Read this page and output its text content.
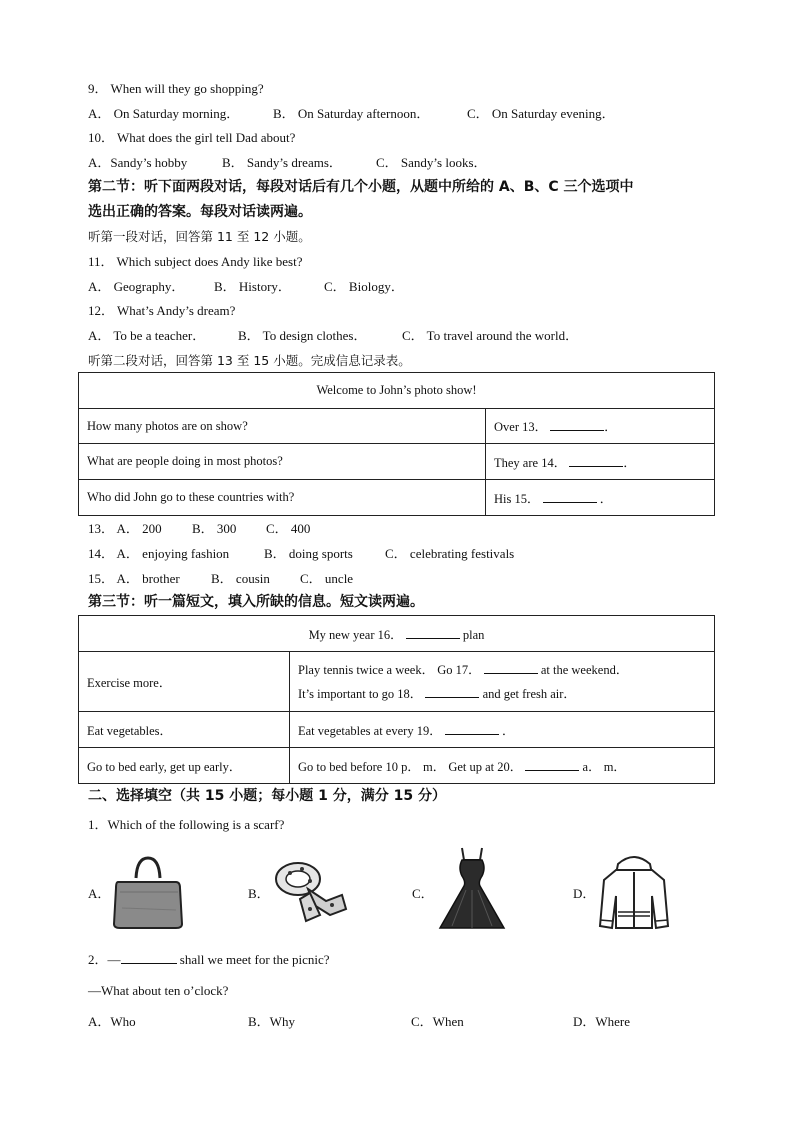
9． When will they go shopping?
A． On Saturday morning．	B． On Saturday afternoon．	C． On Saturday evening．
10． What does the girl tell Dad about?
A．Sandy’s hobby	B． Sandy’s dreams．	C． Sandy’s looks．
第二节：听下面两段对话，每段对话后有几个小题，从题中所给的 A、B、C 三个选项中
选出正确的答案。每段对话读两遍。
听第一段对话，回答第 11 至 12 小题。
11． Which subject does Andy like best?
A． Geography． B． History．	C． Biology．
12． What’s Andy’s dream?
A． To be a teacher．	B． To design clothes．	C． To travel around the world．
听第二段对话，回答第 13 至 15 小题。完成信息记录表。
Welcome to John’s photo show!	
How many photos are on show?	Over 13． ．
What are people doing in most photos?	They are 14． ．
Who did John go to these countries with?	His 15． ．
13． A． 200 B． 300 C． 400
14． A． enjoying fashion	B． doing sports C． celebrating festivals
15． A． brother B． cousin C． uncle
第三节：听一篇短文，填入所缺的信息。短文读两遍。
My new year 16． plan	
Exercise more．	Play tennis twice a week． Go 17． at the weekend．
It’s important to go 18． and get fresh air．

Eat vegetables．	Eat vegetables at every 19． ．
Go to bed early, get up early．	Go to bed before 10 p． m． Get up at 20． a． m．
二、选择填空（共 15 小题；每小题 1 分，满分 15 分）
1．Which of the following is a scarf?
A．	B．	C．	D．
2．—	shall we meet for the picnic?
—What about ten o’clock?
A．Who	B．Why	C．When	D．Where
